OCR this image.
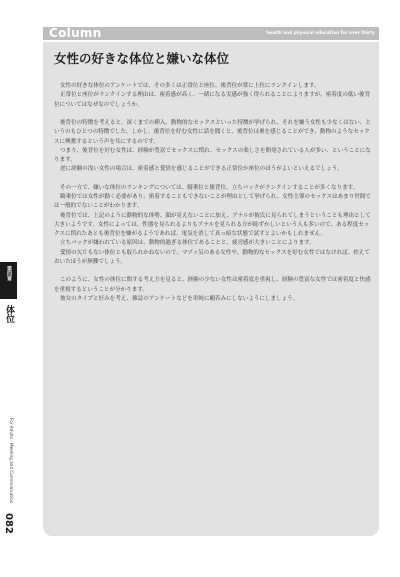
Column	health and physical education for over thirty
女性の好きな体位と嫌いな体位

女性の好きな体位のアンケートでは、その多くは正常位と座位、後背位が常に上位にランクインします。

正常位と座位がランクインする理由は、密着感が高く、一緒になる実感が強く得られることによりますが、密着度の低い後背位についてはなぜなのでしょうか。

後背位の特徴を考えると、深くまでの挿入、動物的なセックスといった特徴が挙げられ、それを嫌う女性も少なくはない、というのもひとつの特徴でした。しかし、後背位を好む女性に話を聞くと、後背位は奥を感じることができ、動物のようなセックスに興奮するという声を耳にするのです。

つまり、後背位を好む女性は、経験が豊富でセックスに慣れ、セックスの楽しさを開発されている人が多い、ということになります。

逆に経験の浅い女性の場合は、密着感と愛情を感じることができる正常位か座位のほうがよいといえるでしょう。

その一方で、嫌いな体位のランキングについては、騎乗位と後背位、立ちバックがランクインすることが多くなります。

騎乗位では女性が動く必要があり、密着することもできないことが理由として挙げられ、女性主導のセックスはあまり世間では一般的でないことがわかります。

後背位では、上記のように動物的な体勢、顔が見えないことに加え、アナルが彼氏に見られてしまうということも理由として大きいようです。女性によっては、性器を見られるよりもアナルを見られる方が恥ずかしいという人も多いので、ある程度セックスに慣れたあとも後背位を嫌がるようであれば、電気を消して真っ暗な状態で試すとよいかもしれません。

立ちバックが嫌われている原因は、動物的過ぎる体位であることと、疲労感が大きいことによります。

愛情の欠片もない体位とも取られかねないので、マゾッ気のある女性や、動物的なセックスを好む女性ではなければ、控えておいたほうが無難でしょう。

このように、女性の体位に関する考え方を見ると、経験の少ない女性は密着度を重視し、経験の豊富な女性では密着度と快感を重視するということが分かります。

彼女のタイプと好みを考え、雑誌のアンケートなどを単純に鵜呑みにしないようにしましょう。

第四章
体位
For Adults · Meeting and Communication
082
